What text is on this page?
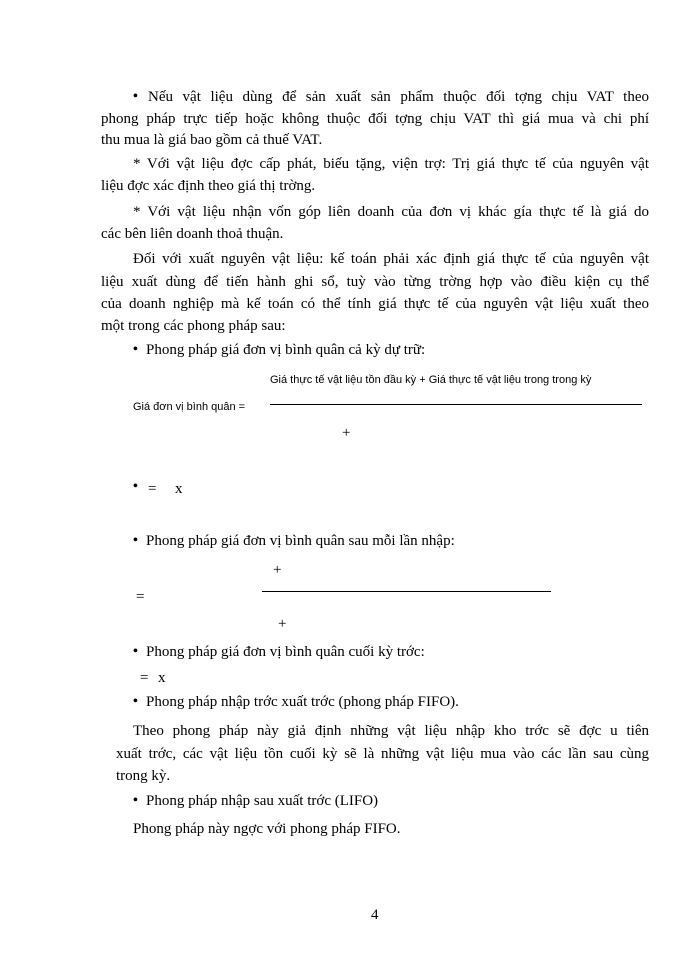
• Nếu vật liệu dùng để sản xuất sản phẩm thuộc đối tợng chịu VAT theo
phong pháp trực tiếp hoặc không thuộc đối tợng chịu VAT thì giá mua và chi phí
thu mua là giá bao gồm cả thuế VAT.
* Với vật liệu đợc cấp phát, biếu tặng, viện trợ: Trị giá thực tế của nguyên vật
liệu đợc xác định theo giá thị trờng.
* Với vật liệu nhận vốn góp liên doanh của đơn vị khác gía thực tế là giá do
các bên liên doanh thoả thuận.
Đối với xuất nguyên vật liệu: kế toán phải xác định giá thực tế của nguyên vật
liệu xuất dùng để tiến hành ghi sổ, tuỳ vào từng trờng hợp vào điều kiện cụ thể
của doanh nghiệp mà kế toán có thể tính giá thực tế của nguyên vật liệu xuất theo
một trong các phong pháp sau:
• Phong pháp giá đơn vị bình quân cả kỳ dự trữ:
Giá thực tế vật liệu tồn đầu kỳ + Giá thực tế vật liệu trong trong kỳ
Giá đơn vị bình quân =
+
• = x
• Phong pháp giá đơn vị bình quân sau mỗi lần nhập:
+
=
+
• Phong pháp giá đơn vị bình quân cuối kỳ trớc:
= x
• Phong pháp nhập trớc xuất trớc (phong pháp FIFO).
Theo phong pháp này giả định những vật liệu nhập kho trớc sẽ đợc u tiên
xuất trớc, các vật liệu tồn cuối kỳ sẽ là những vật liệu mua vào các lần sau cùng
trong kỳ.
• Phong pháp nhập sau xuất trớc (LIFO)
Phong pháp này ngợc với phong pháp FIFO.
4
